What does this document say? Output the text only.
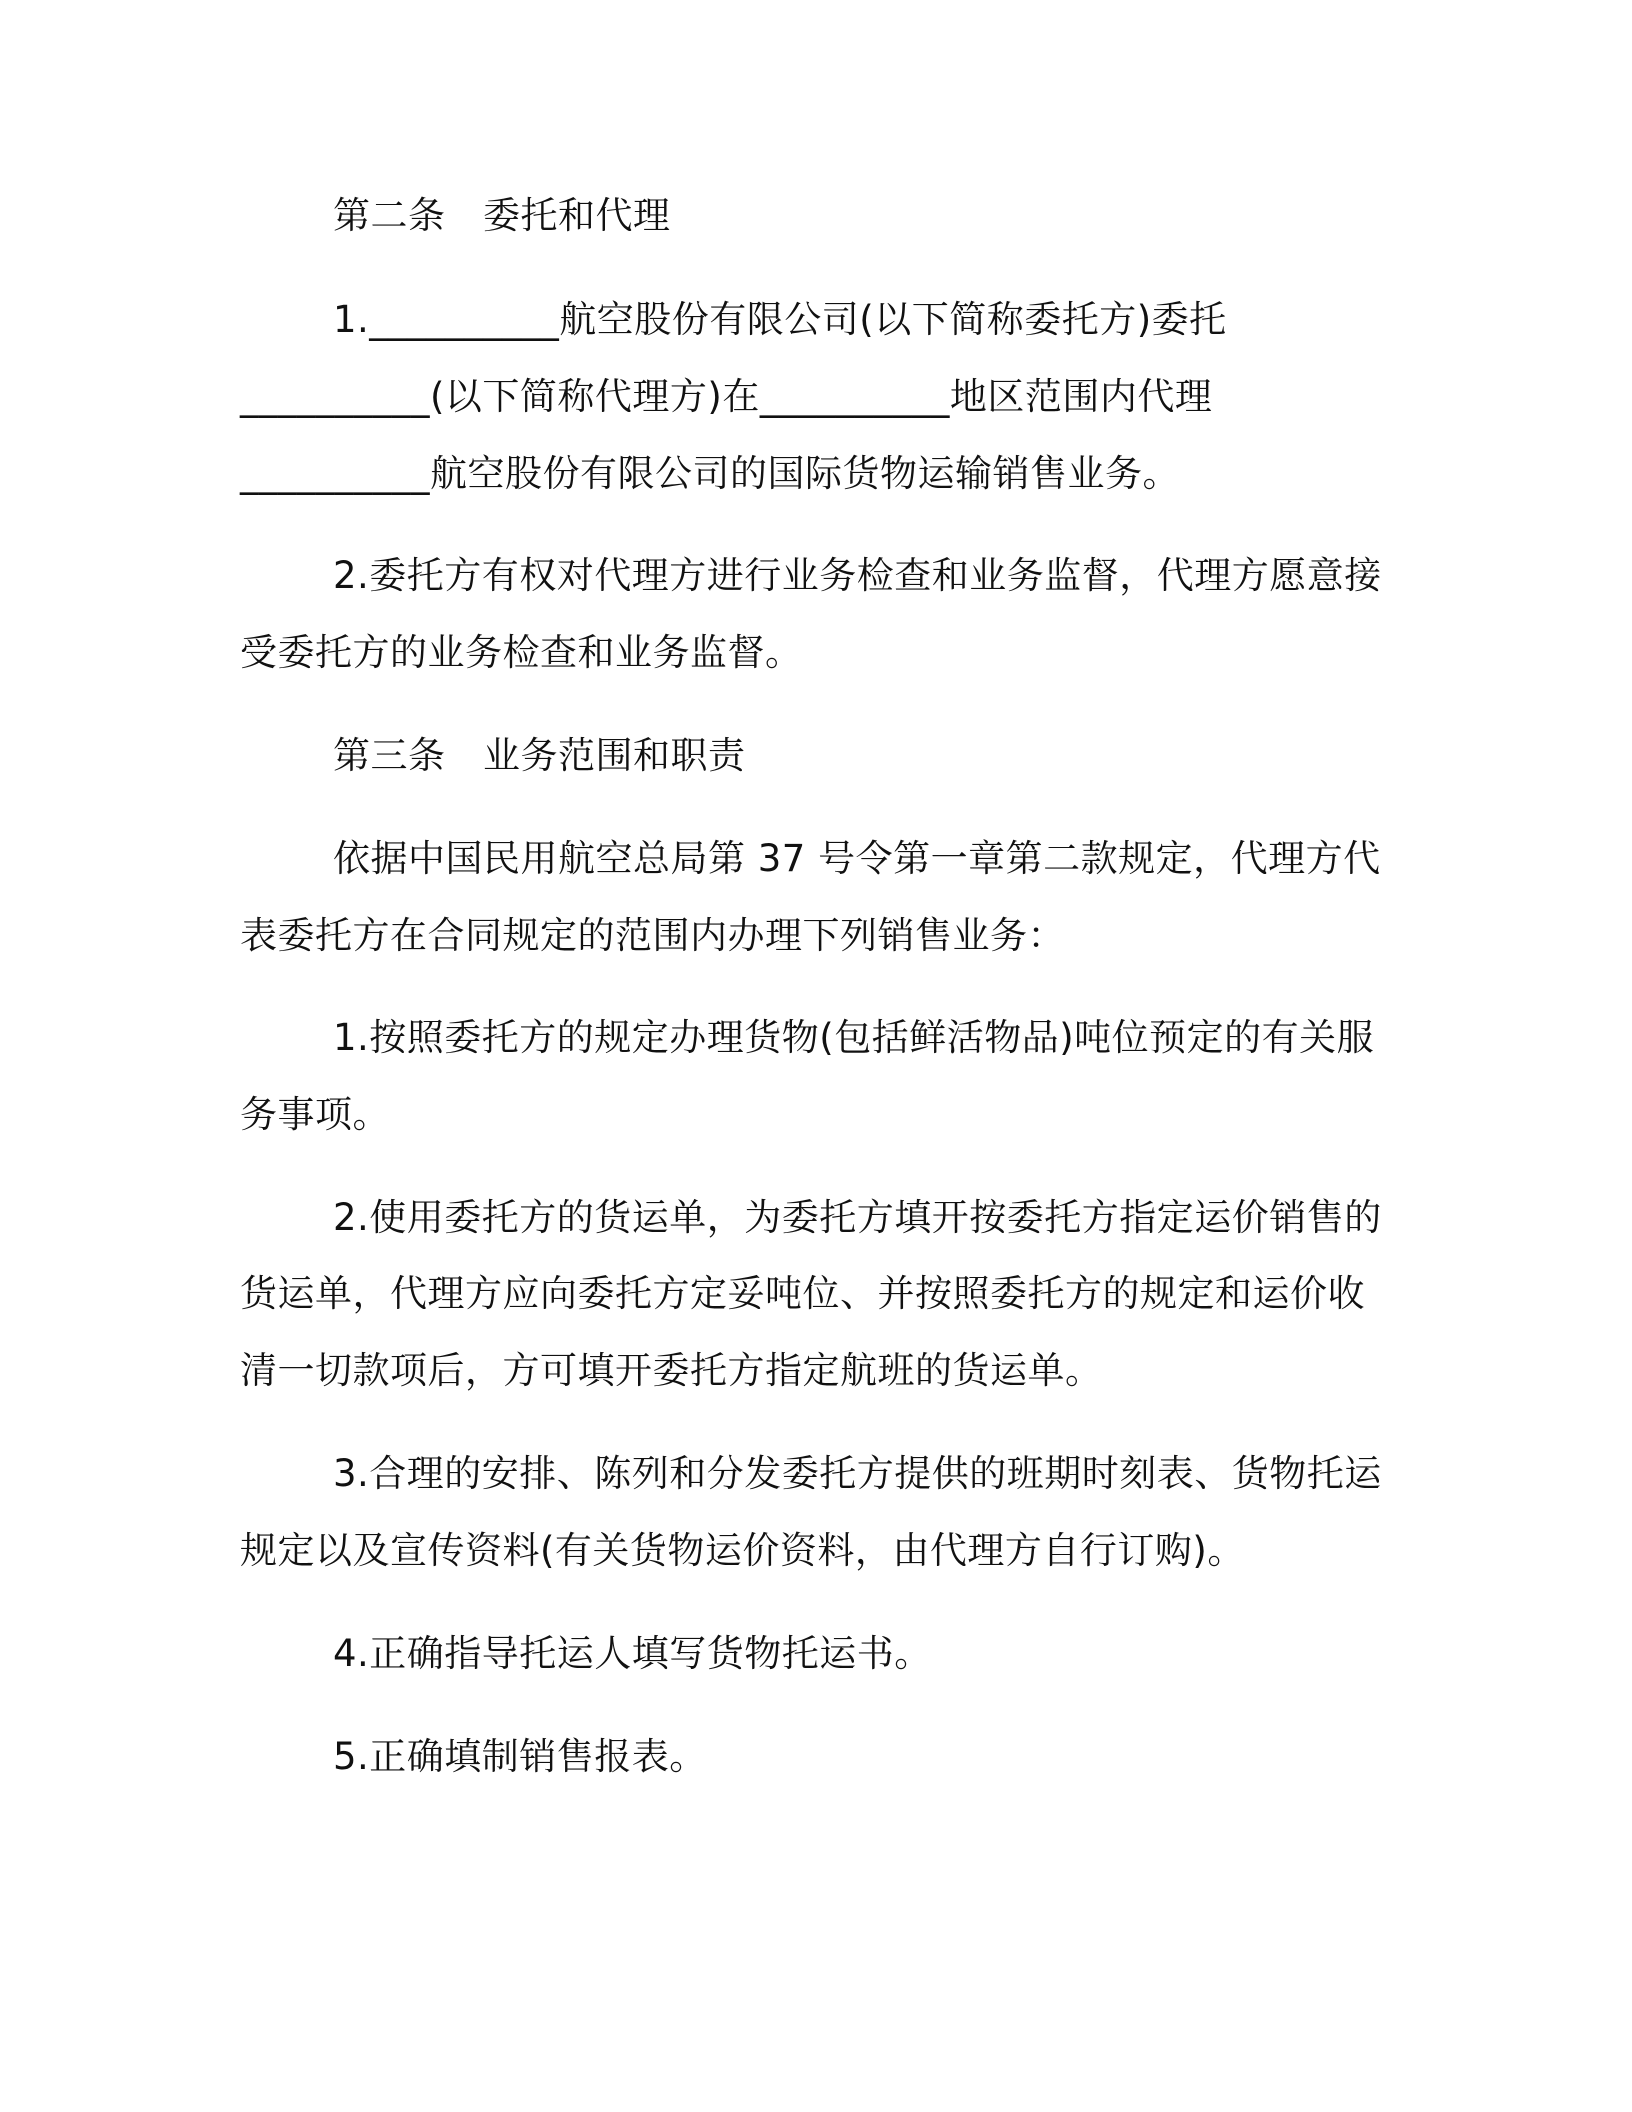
第二条　委托和代理
1.__________航空股份有限公司(以下简称委托方)委托
__________(以下简称代理方)在__________地区范围内代理
__________航空股份有限公司的国际货物运输销售业务。
2.委托方有权对代理方进行业务检查和业务监督，代理方愿意接
受委托方的业务检查和业务监督。
第三条　业务范围和职责
依据中国民用航空总局第 37 号令第一章第二款规定，代理方代
表委托方在合同规定的范围内办理下列销售业务：
1.按照委托方的规定办理货物(包括鲜活物品)吨位预定的有关服
务事项。
2.使用委托方的货运单，为委托方填开按委托方指定运价销售的
货运单，代理方应向委托方定妥吨位、并按照委托方的规定和运价收
清一切款项后，方可填开委托方指定航班的货运单。
3.合理的安排、陈列和分发委托方提供的班期时刻表、货物托运
规定以及宣传资料(有关货物运价资料，由代理方自行订购)。
4.正确指导托运人填写货物托运书。
5.正确填制销售报表。
